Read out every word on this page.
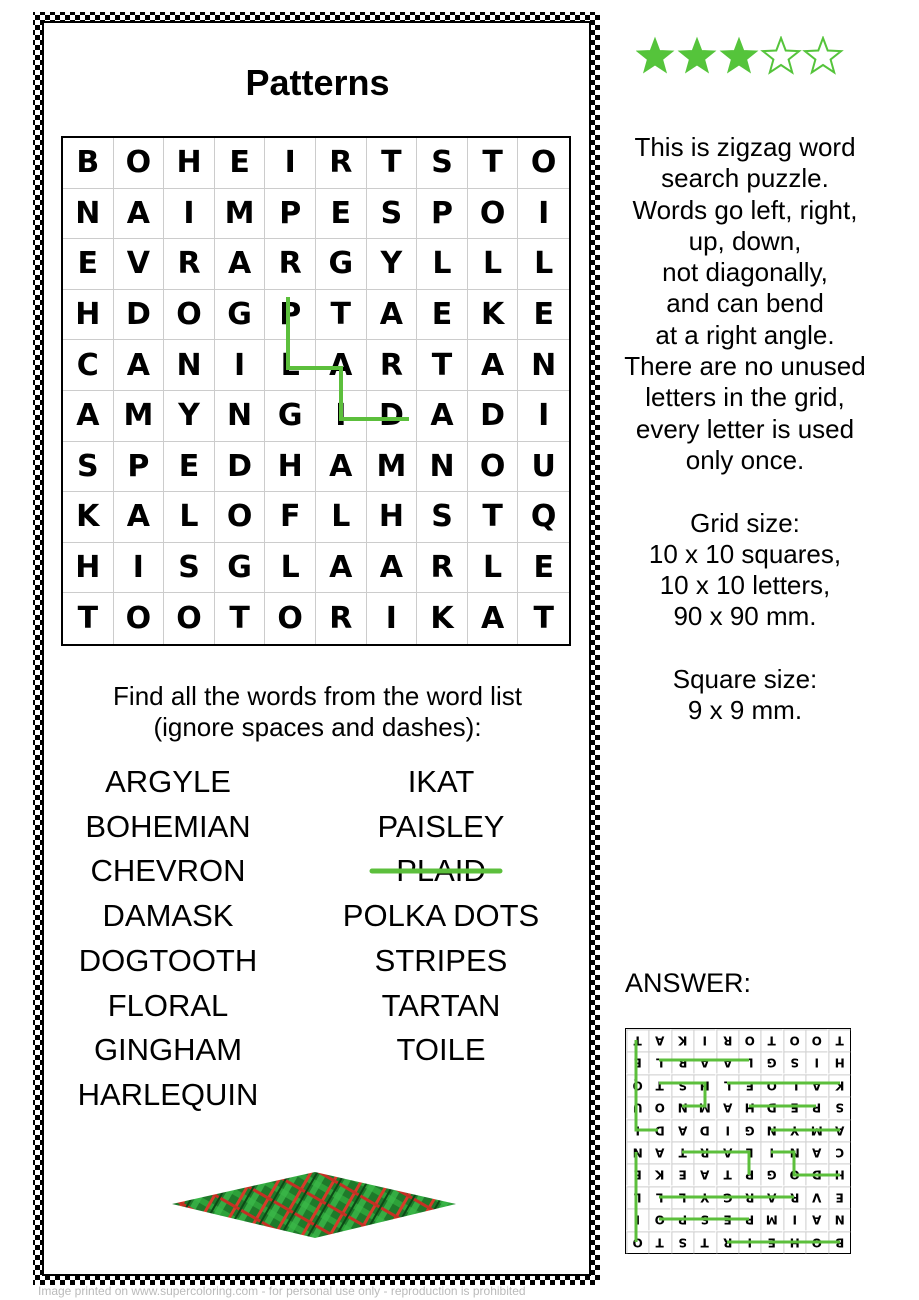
Patterns
B O H E	I	R T S T O
N A	I	M P E S P O	I
E V R A R G Y	L	L	L
H D O G P T A E K E
C A N	I	L A R T A N
A M Y N G	I	D A D	I
S P E D H A M N O U
K A L O F	L H S T Q
H	I	S G L A A R L	E
T O O T O R	I	K A T
Find all the words from the word list
(ignore spaces and dashes):
ARGYLE
BOHEMIAN
CHEVRON
DAMASK
DOGTOOTH
FLORAL
GINGHAM
HARLEQUIN
IKAT
PAISLEY
PLAID
POLKA DOTS
STRIPES
TARTAN
TOILE
This is zigzag word
search puzzle.
Words go left, right,
up, down,
not diagonally,
and can bend
at a right angle.
There are no unused
letters in the grid,
every letter is used
only once.
Grid size:
10 x 10 squares,
10 x 10 letters,
90 x 90 mm.
Square size:
9 x 9 mm.
ANSWER:
T	A	K	I	R	O	T	O	O	T
E	L	R	A	A	L	G	S	I	H
Q	T	S	H	L	F	O	L	A	K
U	O	N M A	H	D	E	P	S
I	D	A	D	I	G	N	Y	M A
N	A	T	R	A	L	I	N	A	C
E	K	E	A	T	P	G	O	D	H
L	L	L	Y	G	R	A	R	V	E
I	O	P	S	E	P	M	I	A	N
O	T	S	T	R	I	E	H	O	B
Image printed on www.supercoloring.com - for personal use only - reproduction is prohibited
